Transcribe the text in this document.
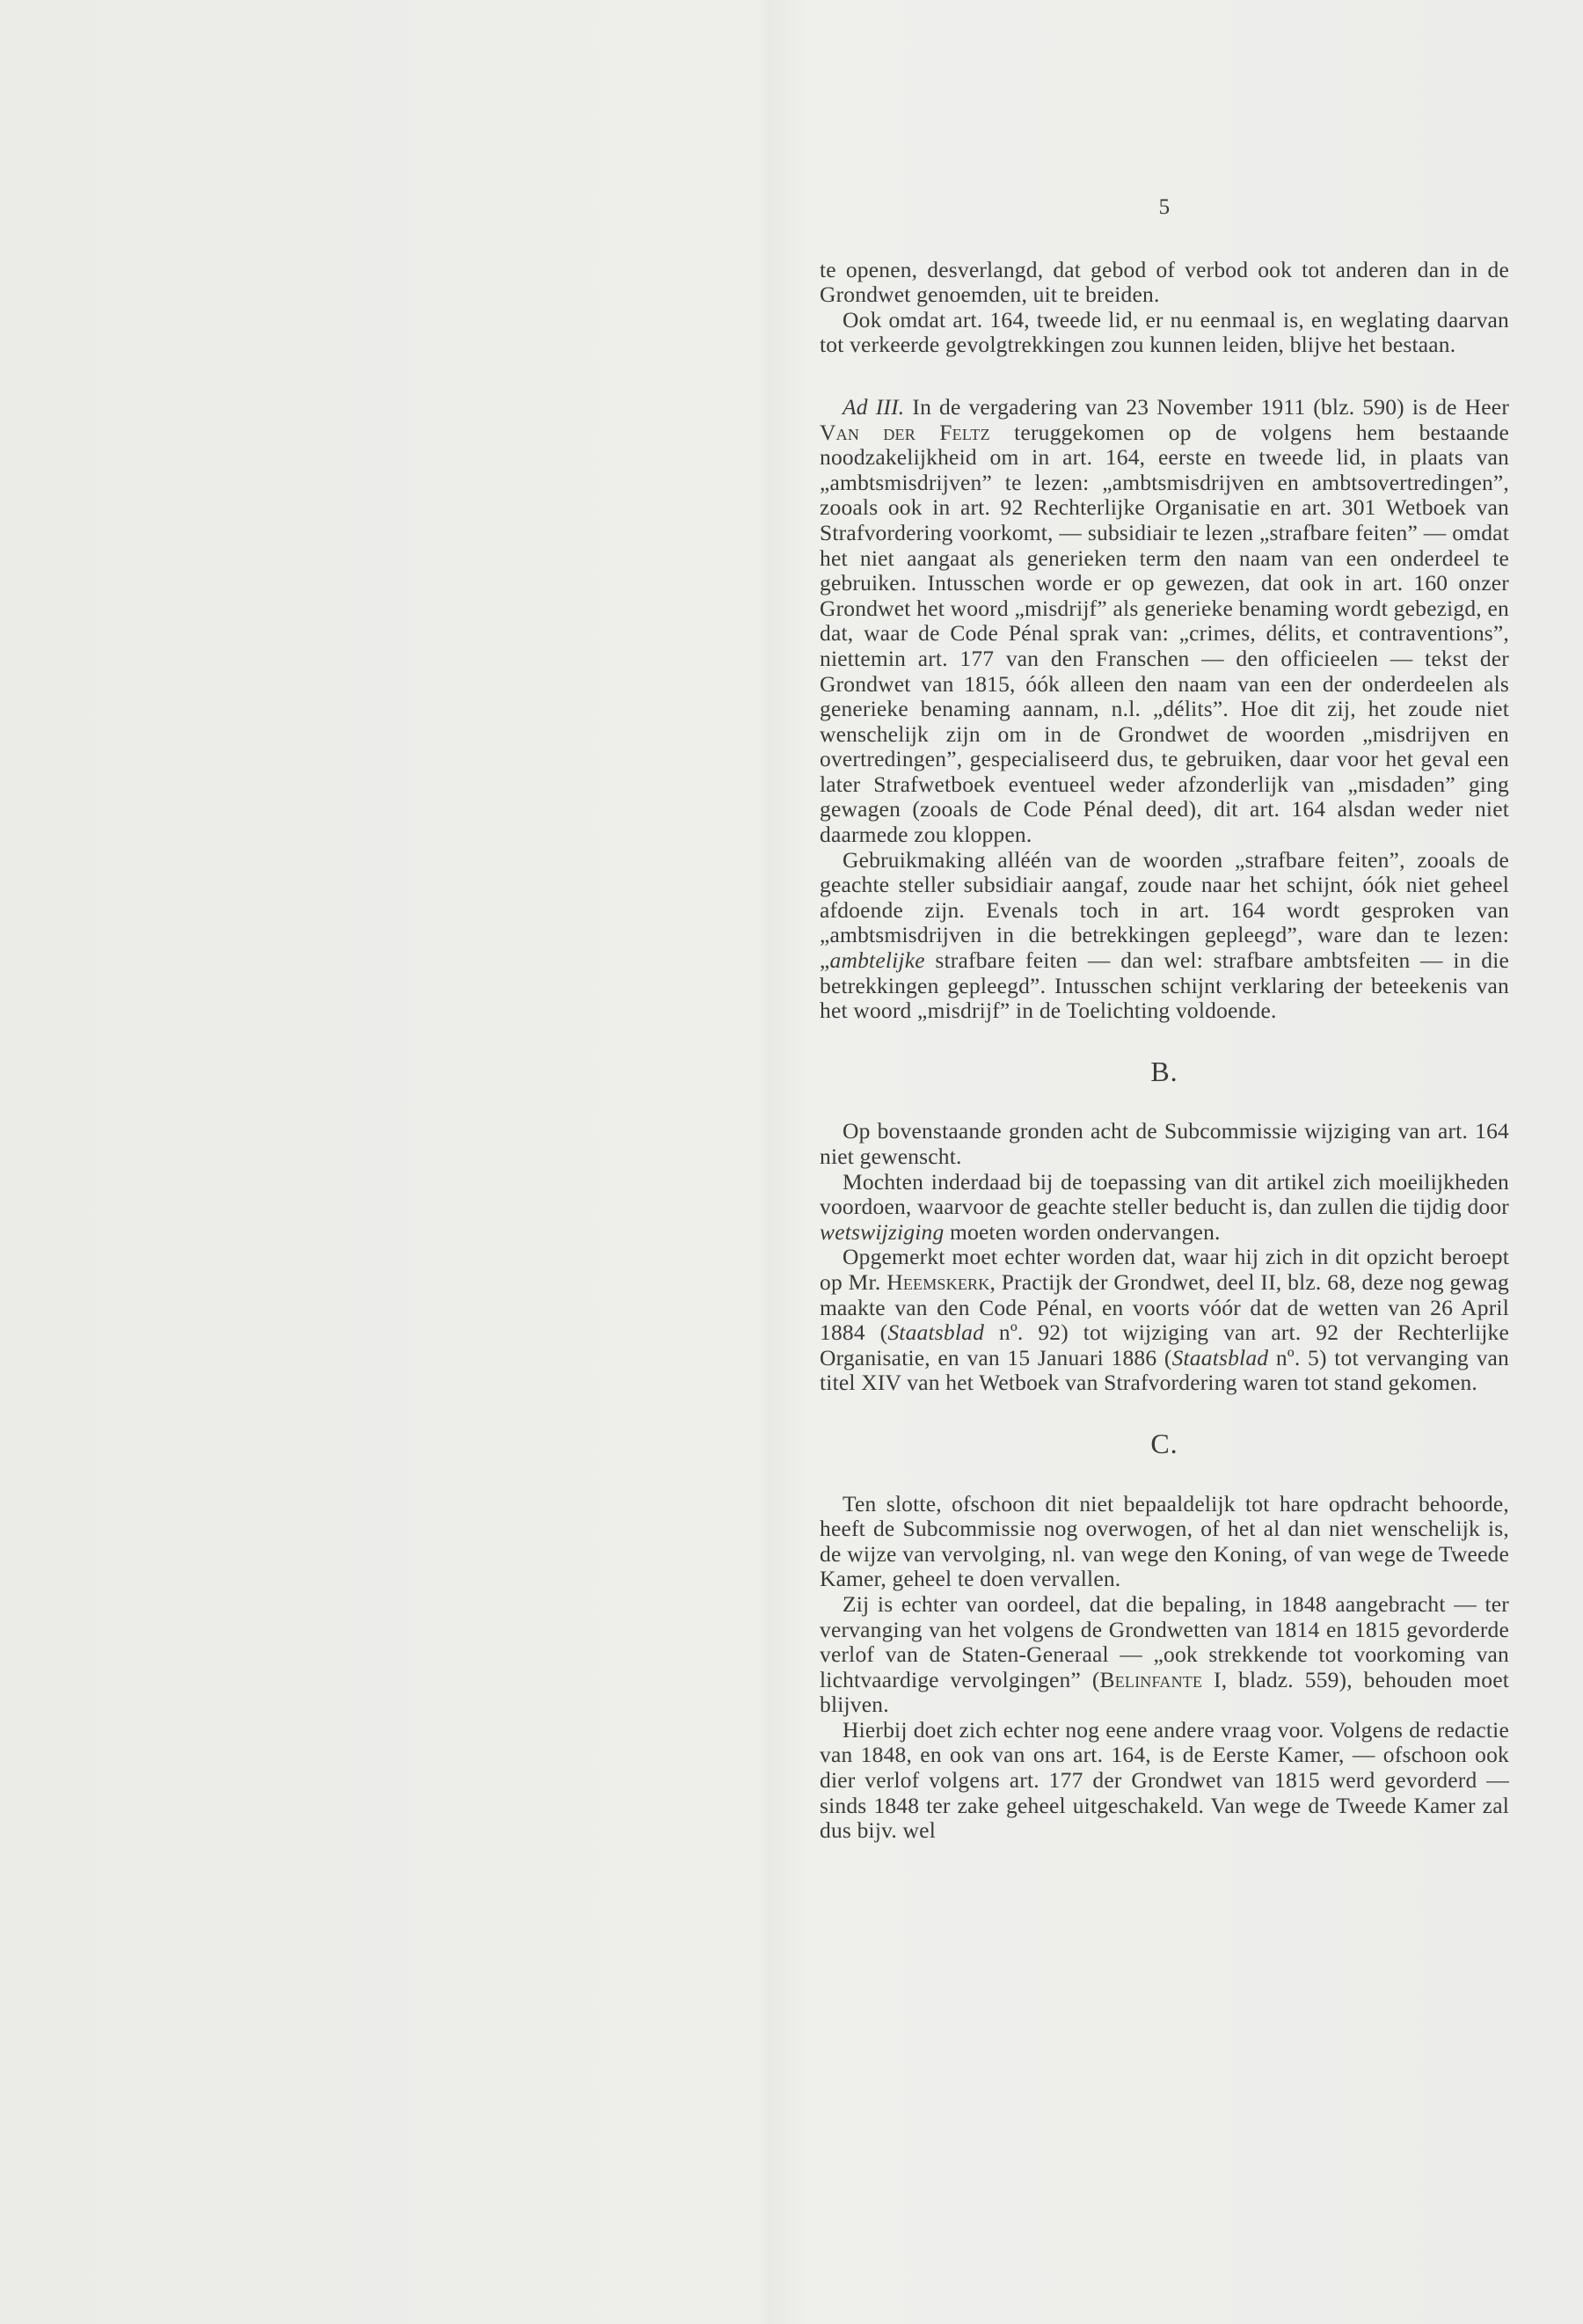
5

te openen, desverlangd, dat gebod of verbod ook tot anderen dan in de Grondwet genoemden, uit te breiden.

Ook omdat art. 164, tweede lid, er nu eenmaal is, en weglating daarvan tot verkeerde gevolgtrekkingen zou kunnen leiden, blijve het bestaan.

Ad III. In de vergadering van 23 November 1911 (blz. 590) is de Heer Van der Feltz teruggekomen op de volgens hem bestaande noodzakelijkheid om in art. 164, eerste en tweede lid, in plaats van „ambtsmisdrijven” te lezen: „ambtsmisdrijven en ambtsovertredingen”, zooals ook in art. 92 Rechterlijke Organisatie en art. 301 Wetboek van Strafvordering voorkomt, — subsidiair te lezen „strafbare feiten” — omdat het niet aangaat als generieken term den naam van een onderdeel te gebruiken. Intusschen worde er op gewezen, dat ook in art. 160 onzer Grondwet het woord „misdrijf” als generieke benaming wordt gebezigd, en dat, waar de Code Pénal sprak van: „crimes, délits, et contraventions”, niettemin art. 177 van den Franschen — den officieelen — tekst der Grondwet van 1815, óók alleen den naam van een der onderdeelen als generieke benaming aannam, n.l. „délits”. Hoe dit zij, het zoude niet wenschelijk zijn om in de Grondwet de woorden „misdrijven en overtredingen”, gespecialiseerd dus, te gebruiken, daar voor het geval een later Strafwetboek eventueel weder afzonderlijk van „misdaden” ging gewagen (zooals de Code Pénal deed), dit art. 164 alsdan weder niet daarmede zou kloppen.

Gebruikmaking alléén van de woorden „strafbare feiten”, zooals de geachte steller subsidiair aangaf, zoude naar het schijnt, óók niet geheel afdoende zijn. Evenals toch in art. 164 wordt gesproken van „ambtsmisdrijven in die betrekkingen gepleegd”, ware dan te lezen: „ambtelijke strafbare feiten — dan wel: strafbare ambtsfeiten — in die betrekkingen gepleegd”. Intusschen schijnt verklaring der beteekenis van het woord „misdrijf” in de Toelichting voldoende.

B.

Op bovenstaande gronden acht de Subcommissie wijziging van art. 164 niet gewenscht.

Mochten inderdaad bij de toepassing van dit artikel zich moeilijkheden voordoen, waarvoor de geachte steller beducht is, dan zullen die tijdig door wetswijziging moeten worden ondervangen.

Opgemerkt moet echter worden dat, waar hij zich in dit opzicht beroept op Mr. Heemskerk, Practijk der Grondwet, deel II, blz. 68, deze nog gewag maakte van den Code Pénal, en voorts vóór dat de wetten van 26 April 1884 (Staatsblad nº. 92) tot wijziging van art. 92 der Rechterlijke Organisatie, en van 15 Januari 1886 (Staatsblad nº. 5) tot vervanging van titel XIV van het Wetboek van Strafvordering waren tot stand gekomen.

C.

Ten slotte, ofschoon dit niet bepaaldelijk tot hare opdracht behoorde, heeft de Subcommissie nog overwogen, of het al dan niet wenschelijk is, de wijze van vervolging, nl. van wege den Koning, of van wege de Tweede Kamer, geheel te doen vervallen.

Zij is echter van oordeel, dat die bepaling, in 1848 aangebracht — ter vervanging van het volgens de Grondwetten van 1814 en 1815 gevorderde verlof van de Staten-Generaal — „ook strekkende tot voorkoming van lichtvaardige vervolgingen” (Belinfante I, bladz. 559), behouden moet blijven.

Hierbij doet zich echter nog eene andere vraag voor. Volgens de redactie van 1848, en ook van ons art. 164, is de Eerste Kamer, — ofschoon ook dier verlof volgens art. 177 der Grondwet van 1815 werd gevorderd — sinds 1848 ter zake geheel uitgeschakeld. Van wege de Tweede Kamer zal dus bijv. wel
